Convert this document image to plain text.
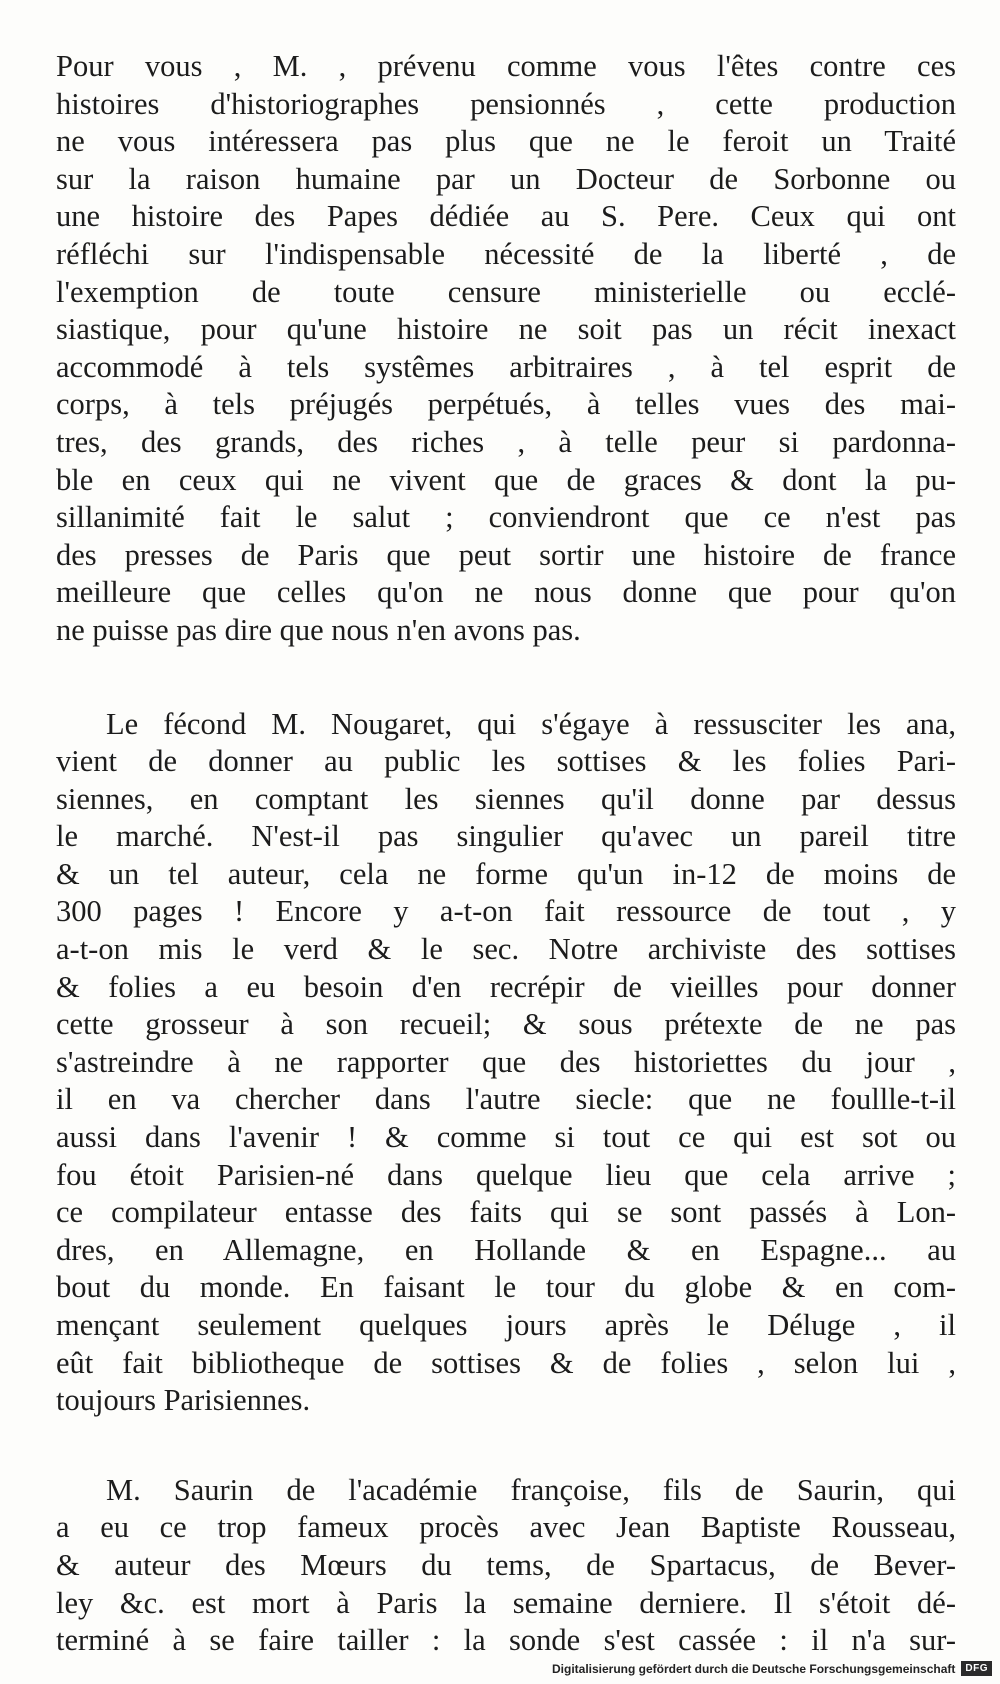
Pour vous , M. , prévenu comme vous l'êtes contre ces
histoires d'historiographes pensionnés , cette production
ne vous intéressera pas plus que ne le feroit un Traité
sur la raison humaine par un Docteur de Sorbonne ou
une histoire des Papes dédiée au S. Pere. Ceux qui ont
réfléchi sur l'indispensable nécessité de la liberté , de
l'exemption de toute censure ministerielle ou ecclé-
siastique, pour qu'une histoire ne soit pas un récit inexact
accommodé à tels systêmes arbitraires , à tel esprit de
corps, à tels préjugés perpétués, à telles vues des mai-
tres, des grands, des riches , à telle peur si pardonna-
ble en ceux qui ne vivent que de graces & dont la pu-
sillanimité fait le salut ; conviendront que ce n'est pas
des presses de Paris que peut sortir une histoire de france
meilleure que celles qu'on ne nous donne que pour qu'on
ne puisse pas dire que nous n'en avons pas.

Le fécond M. Nougaret, qui s'égaye à ressusciter les ana,
vient de donner au public les sottises & les folies Pari-
siennes, en comptant les siennes qu'il donne par dessus
le marché. N'est-il pas singulier qu'avec un pareil titre
& un tel auteur, cela ne forme qu'un in-12 de moins de
300 pages ! Encore y a-t-on fait ressource de tout , y
a-t-on mis le verd & le sec. Notre archiviste des sottises
& folies a eu besoin d'en recrépir de vieilles pour donner
cette grosseur à son recueil; & sous prétexte de ne pas
s'astreindre à ne rapporter que des historiettes du jour ,
il en va chercher dans l'autre siecle: que ne foullle-t-il
aussi dans l'avenir ! & comme si tout ce qui est sot ou
fou étoit Parisien-né dans quelque lieu que cela arrive ;
ce compilateur entasse des faits qui se sont passés à Lon-
dres, en Allemagne, en Hollande & en Espagne... au
bout du monde. En faisant le tour du globe & en com-
mençant seulement quelques jours après le Déluge , il
eût fait bibliotheque de sottises & de folies , selon lui ,
toujours Parisiennes.

M. Saurin de l'académie françoise, fils de Saurin, qui
a eu ce trop fameux procès avec Jean Baptiste Rousseau,
& auteur des Mœurs du tems, de Spartacus, de Bever-
ley &c. est mort à Paris la semaine derniere. Il s'étoit dé-
terminé à se faire tailler : la sonde s'est cassée : il n'a sur-

Digitalisierung gefördert durch die Deutsche Forschungsgemeinschaft	DFG
